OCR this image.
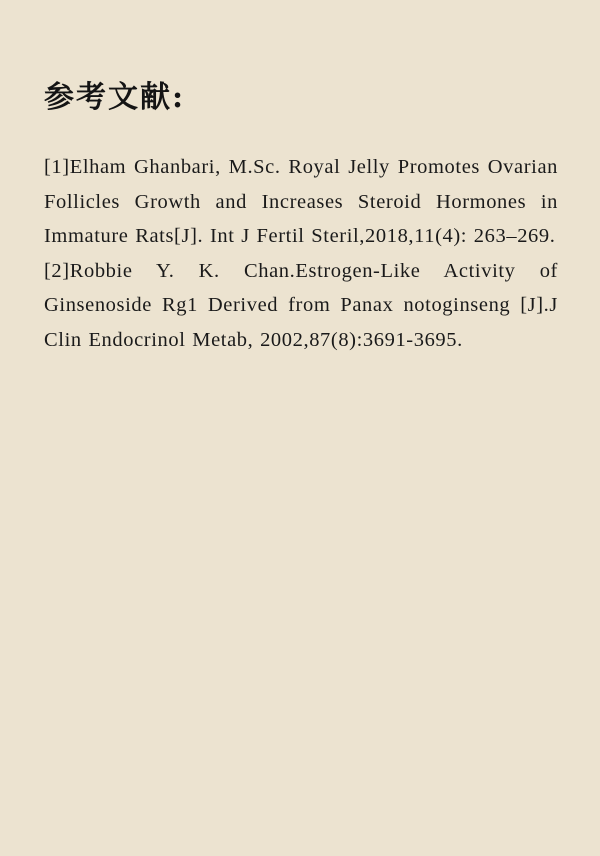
参考文献:
[1]Elham Ghanbari, M.Sc. Royal Jelly Promotes Ovarian Follicles Growth and Increases Steroid Hormones in Immature Rats[J]. Int J Fertil Steril,2018,11(4): 263–269.
[2]Robbie Y. K. Chan.Estrogen-Like Activity of Ginsenoside Rg1 Derived from Panax notoginseng [J].J Clin Endocrinol Metab, 2002,87(8):3691-3695.
